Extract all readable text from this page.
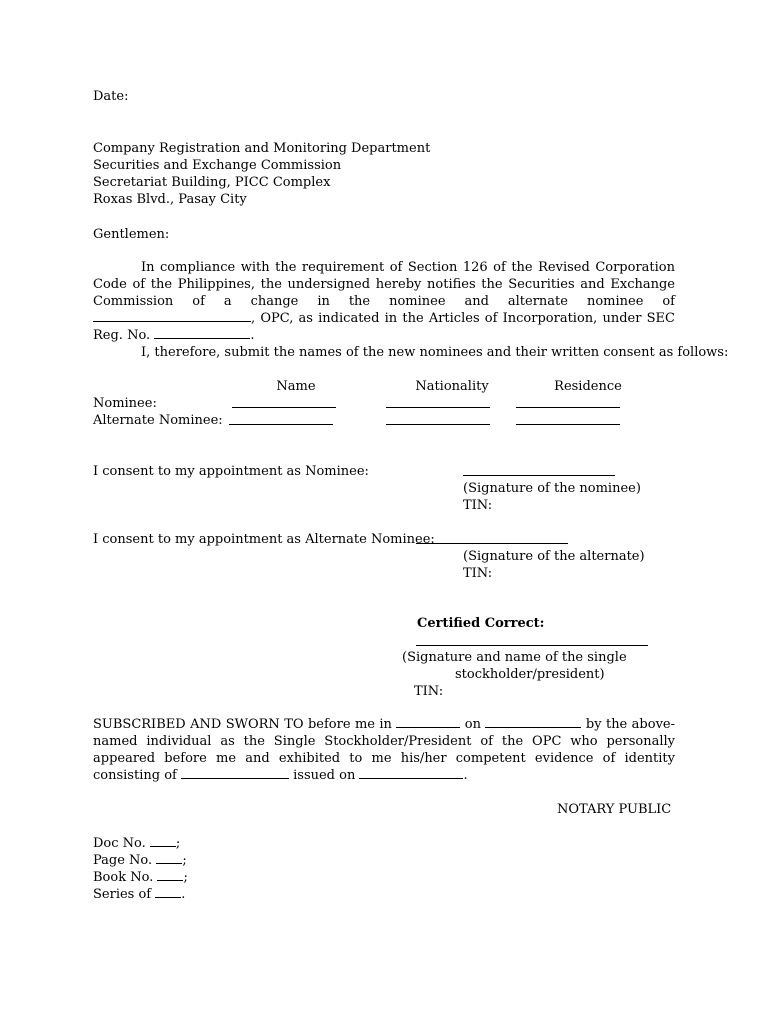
Date:
Company Registration and Monitoring Department
Securities and Exchange Commission
Secretariat Building, PICC Complex
Roxas Blvd., Pasay City
Gentlemen:
In compliance with the requirement of Section 126 of the Revised Corporation Code of the Philippines, the undersigned hereby notifies the Securities and Exchange Commission of a change in the nominee and alternate nominee of , OPC, as indicated in the Articles of Incorporation, under SEC Reg. No.	.
I, therefore, submit the names of the new nominees and their written consent as follows:
Name	Nationality	Residence
Nominee:
Alternate Nominee:
I consent to my appointment as Nominee:
(Signature of the nominee)
TIN:
I consent to my appointment as Alternate Nominee:
(Signature of the alternate)
TIN:
Certified Correct:
(Signature and name of the single
stockholder/president)
TIN:
SUBSCRIBED AND SWORN TO before me in	on	by the above-named individual as the Single Stockholder/President of the OPC who personally appeared before me and exhibited to me his/her competent evidence of identity consisting of	issued on	.
NOTARY PUBLIC
Doc No. ;
Page No. ;
Book No. ;
Series of .
